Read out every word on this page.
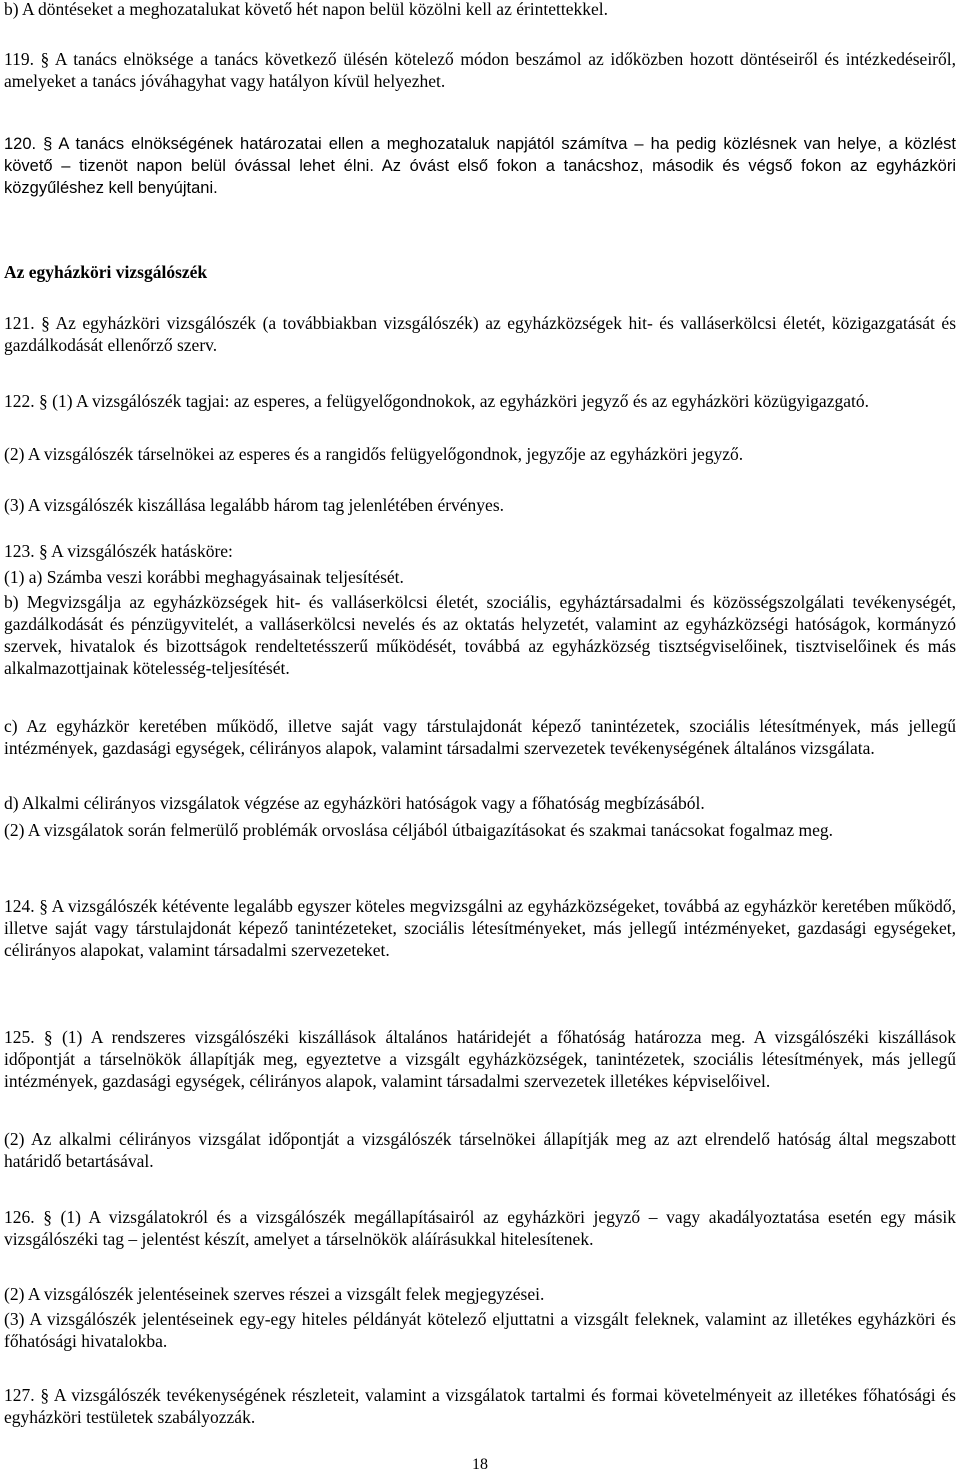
b) A döntéseket a meghozatalukat követő hét napon belül közölni kell az érintettekkel.

119. § A tanács elnöksége a tanács következő ülésén kötelező módon beszámol az időközben hozott döntéseiről és intézkedéseiről, amelyeket a tanács jóváhagyhat vagy hatályon kívül helyezhet.

120. § A tanács elnökségének határozatai ellen a meghozataluk napjától számítva – ha pedig közlésnek van helye, a közlést követő – tizenöt napon belül óvással lehet élni. Az óvást első fokon a tanácshoz, második és végső fokon az egyházköri közgyűléshez kell benyújtani.

Az egyházköri vizsgálószék

121. § Az egyházköri vizsgálószék (a továbbiakban vizsgálószék) az egyházközségek hit- és valláserkölcsi életét, közigazgatását és gazdálkodását ellenőrző szerv.

122. § (1) A vizsgálószék tagjai: az esperes, a felügyelőgondnokok, az egyházköri jegyző és az egyházköri közügyigazgató.

(2) A vizsgálószék társelnökei az esperes és a rangidős felügyelőgondnok, jegyzője az egyházköri jegyző.

(3) A vizsgálószék kiszállása legalább három tag jelenlétében érvényes.

123. § A vizsgálószék hatásköre:

(1) a) Számba veszi korábbi meghagyásainak teljesítését.

b) Megvizsgálja az egyházközségek hit- és valláserkölcsi életét, szociális, egyháztársadalmi és közösségszolgálati tevékenységét, gazdálkodását és pénzügyvitelét, a valláserkölcsi nevelés és az oktatás helyzetét, valamint az egyházközségi hatóságok, kormányzó szervek, hivatalok és bizottságok rendeltetésszerű működését, továbbá az egyházközség tisztségviselőinek, tisztviselőinek és más alkalmazottjainak kötelesség-teljesítését.

c) Az egyházkör keretében működő, illetve saját vagy társtulajdonát képező tanintézetek, szociális létesítmények, más jellegű intézmények, gazdasági egységek, célirányos alapok, valamint társadalmi szervezetek tevékenységének általános vizsgálata.

d) Alkalmi célirányos vizsgálatok végzése az egyházköri hatóságok vagy a főhatóság megbízásából.

(2) A vizsgálatok során felmerülő problémák orvoslása céljából útbaigazításokat és szakmai tanácsokat fogalmaz meg.

124. § A vizsgálószék kétévente legalább egyszer köteles megvizsgálni az egyházközségeket, továbbá az egyházkör keretében működő, illetve saját vagy társtulajdonát képező tanintézeteket, szociális létesítményeket, más jellegű intézményeket, gazdasági egységeket, célirányos alapokat, valamint társadalmi szervezeteket.

125. § (1) A rendszeres vizsgálószéki kiszállások általános határidejét a főhatóság határozza meg. A vizsgálószéki kiszállások időpontját a társelnökök állapítják meg, egyeztetve a vizsgált egyházközségek, tanintézetek, szociális létesítmények, más jellegű intézmények, gazdasági egységek, célirányos alapok, valamint társadalmi szervezetek illetékes képviselőivel.

(2) Az alkalmi célirányos vizsgálat időpontját a vizsgálószék társelnökei állapítják meg az azt elrendelő hatóság által megszabott határidő betartásával.

126. § (1) A vizsgálatokról és a vizsgálószék megállapításairól az egyházköri jegyző – vagy akadályoztatása esetén egy másik vizsgálószéki tag – jelentést készít, amelyet a társelnökök aláírásukkal hitelesítenek.

(2) A vizsgálószék jelentéseinek szerves részei a vizsgált felek megjegyzései.

(3) A vizsgálószék jelentéseinek egy-egy hiteles példányát kötelező eljuttatni a vizsgált feleknek, valamint az illetékes egyházköri és főhatósági hivatalokba.

127. § A vizsgálószék tevékenységének részleteit, valamint a vizsgálatok tartalmi és formai követelményeit az illetékes főhatósági és egyházköri testületek szabályozzák.

18
